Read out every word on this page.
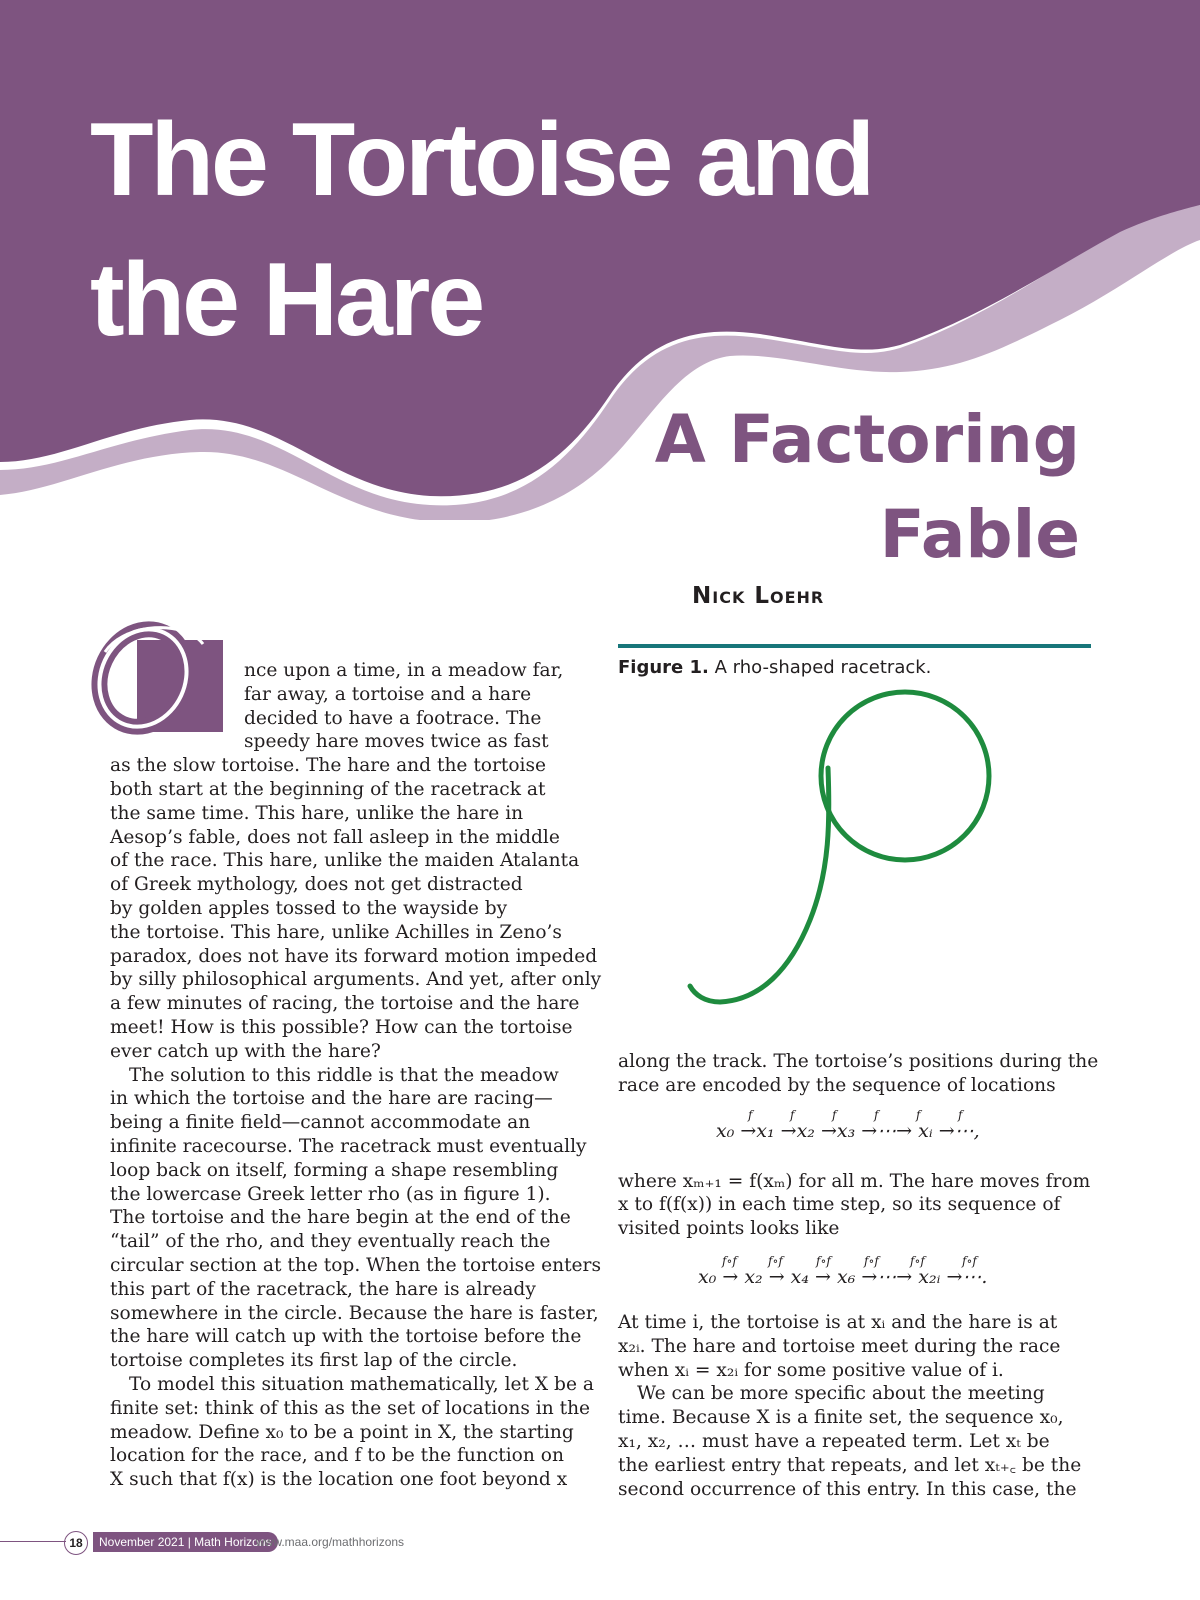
The Tortoise and
the Hare
A Factoring
Fable
Nick Loehr

nce upon a time, in a meadow far,

far away, a tortoise and a hare

decided to have a footrace. The

speedy hare moves twice as fast

as the slow tortoise. The hare and the tortoise

both start at the beginning of the racetrack at

the same time. This hare, unlike the hare in

Aesop’s fable, does not fall asleep in the middle

of the race. This hare, unlike the maiden Atalanta

of Greek mythology, does not get distracted

by golden apples tossed to the wayside by

the tortoise. This hare, unlike Achilles in Zeno’s

paradox, does not have its forward motion impeded

by silly philosophical arguments. And yet, after only

a few minutes of racing, the tortoise and the hare

meet! How is this possible? How can the tortoise

ever catch up with the hare?

The solution to this riddle is that the meadow

in which the tortoise and the hare are racing—

being a finite field—cannot accommodate an

infinite racecourse. The racetrack must eventually

loop back on itself, forming a shape resembling

the lowercase Greek letter rho (as in figure 1).

The tortoise and the hare begin at the end of the

“tail” of the rho, and they eventually reach the

circular section at the top. When the tortoise enters

this part of the racetrack, the hare is already

somewhere in the circle. Because the hare is faster,

the hare will catch up with the tortoise before the

tortoise completes its first lap of the circle.

To model this situation mathematically, let X be a

finite set: think of this as the set of locations in the

meadow. Define x₀ to be a point in X, the starting

location for the race, and f to be the function on

X such that f(x) is the location one foot beyond x

Figure 1. A rho-shaped racetrack.

along the track. The tortoise’s positions during the

race are encoded by the sequence of locations

where xₘ₊₁ = f(xₘ) for all m. The hare moves from

x to f(f(x)) in each time step, so its sequence of

visited points looks like

At time i, the tortoise is at xᵢ and the hare is at

x₂ᵢ. The hare and tortoise meet during the race

when xᵢ = x₂ᵢ for some positive value of i.

We can be more specific about the meeting

time. Because X is a finite set, the sequence x₀,

x₁, x₂, … must have a repeated term. Let xₜ be

the earliest entry that repeats, and let xₜ₊꜀ be the

second occurrence of this entry. In this case, the

x₀ →x₁ →x₂ →x₃ →⋯→ xᵢ →⋯,
x₀ → x₂ → x₄ → x₆ →⋯→ x₂ᵢ →⋯.
f	f	f	f	f	f
f∘f	f∘f	f∘f	f∘f	f∘f	f∘f
18	November 2021 | Math Horizons
www.maa.org/mathhorizons
